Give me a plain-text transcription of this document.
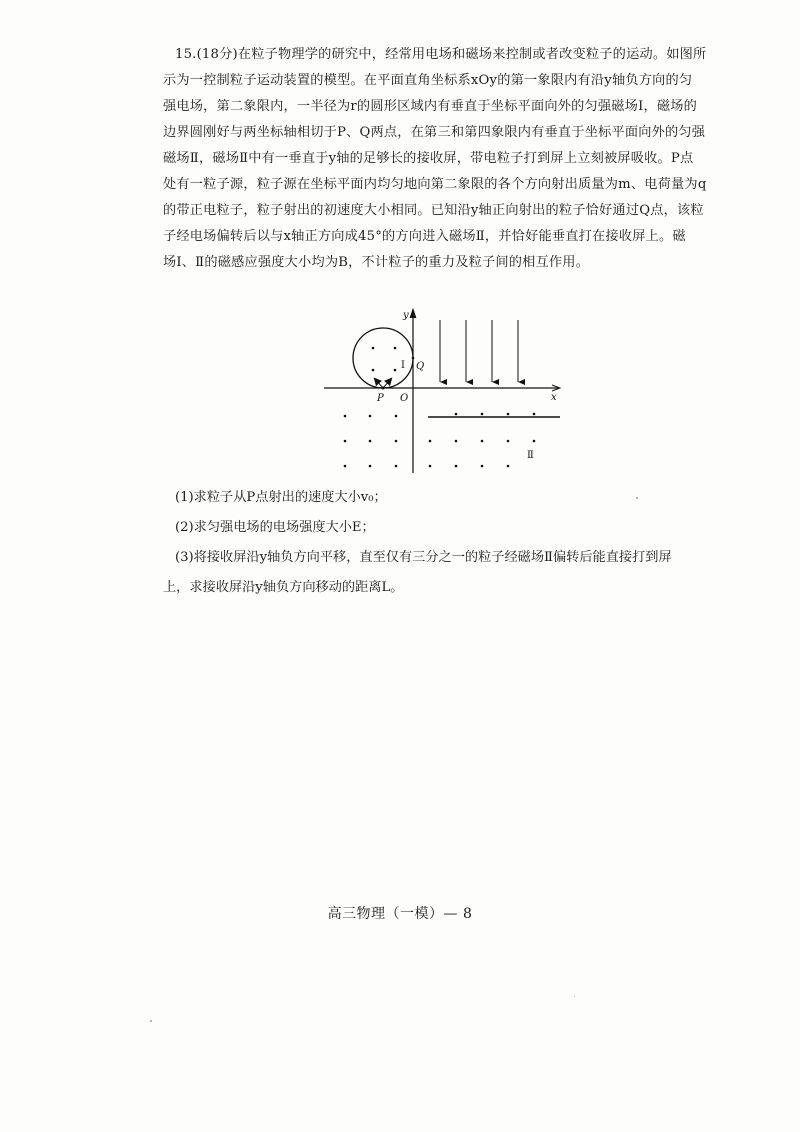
15.(18分)在粒子物理学的研究中，经常用电场和磁场来控制或者改变粒子的运动。如图所
示为一控制粒子运动装置的模型。在平面直角坐标系xOy的第一象限内有沿y轴负方向的匀
强电场，第二象限内，一半径为r的圆形区域内有垂直于坐标平面向外的匀强磁场Ⅰ，磁场的
边界圆刚好与两坐标轴相切于P、Q两点，在第三和第四象限内有垂直于坐标平面向外的匀强
磁场Ⅱ，磁场Ⅱ中有一垂直于y轴的足够长的接收屏，带电粒子打到屏上立刻被屏吸收。P点
处有一粒子源，粒子源在坐标平面内均匀地向第二象限的各个方向射出质量为m、电荷量为q
的带正电粒子，粒子射出的初速度大小相同。已知沿y轴正向射出的粒子恰好通过Q点，该粒
子经电场偏转后以与x轴正方向成45°的方向进入磁场Ⅱ，并恰好能垂直打在接收屏上。磁
场Ⅰ、Ⅱ的磁感应强度大小均为B，不计粒子的重力及粒子间的相互作用。
y
x
O
P
Q
Ⅰ
Ⅱ
(1)求粒子从P点射出的速度大小v₀；
(2)求匀强电场的电场强度大小E；
(3)将接收屏沿y轴负方向平移，直至仅有三分之一的粒子经磁场Ⅱ偏转后能直接打到屏
上，求接收屏沿y轴负方向移动的距离L。
高三物理（一模）— 8
